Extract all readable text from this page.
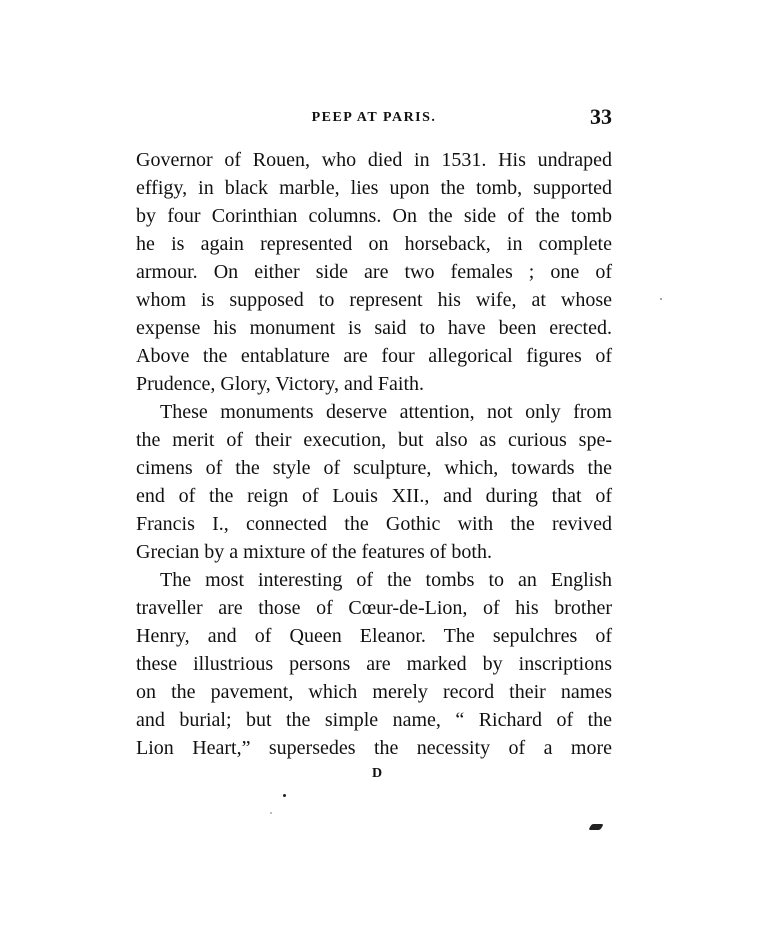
PEEP AT PARIS.	33
Governor of Rouen, who died in 1531. His undraped
effigy, in black marble, lies upon the tomb, supported
by four Corinthian columns. On the side of the tomb
he is again represented on horseback, in complete
armour. On either side are two females ; one of
whom is supposed to represent his wife, at whose
expense his monument is said to have been erected.
Above the entablature are four allegorical figures of
Prudence, Glory, Victory, and Faith.
These monuments deserve attention, not only from
the merit of their execution, but also as curious spe-
cimens of the style of sculpture, which, towards the
end of the reign of Louis XII., and during that of
Francis I., connected the Gothic with the revived
Grecian by a mixture of the features of both.
The most interesting of the tombs to an English
traveller are those of Cœur-de-Lion, of his brother
Henry, and of Queen Eleanor. The sepulchres of
these illustrious persons are marked by inscriptions
on the pavement, which merely record their names
and burial; but the simple name, “ Richard of the
Lion Heart,” supersedes the necessity of a more
D
